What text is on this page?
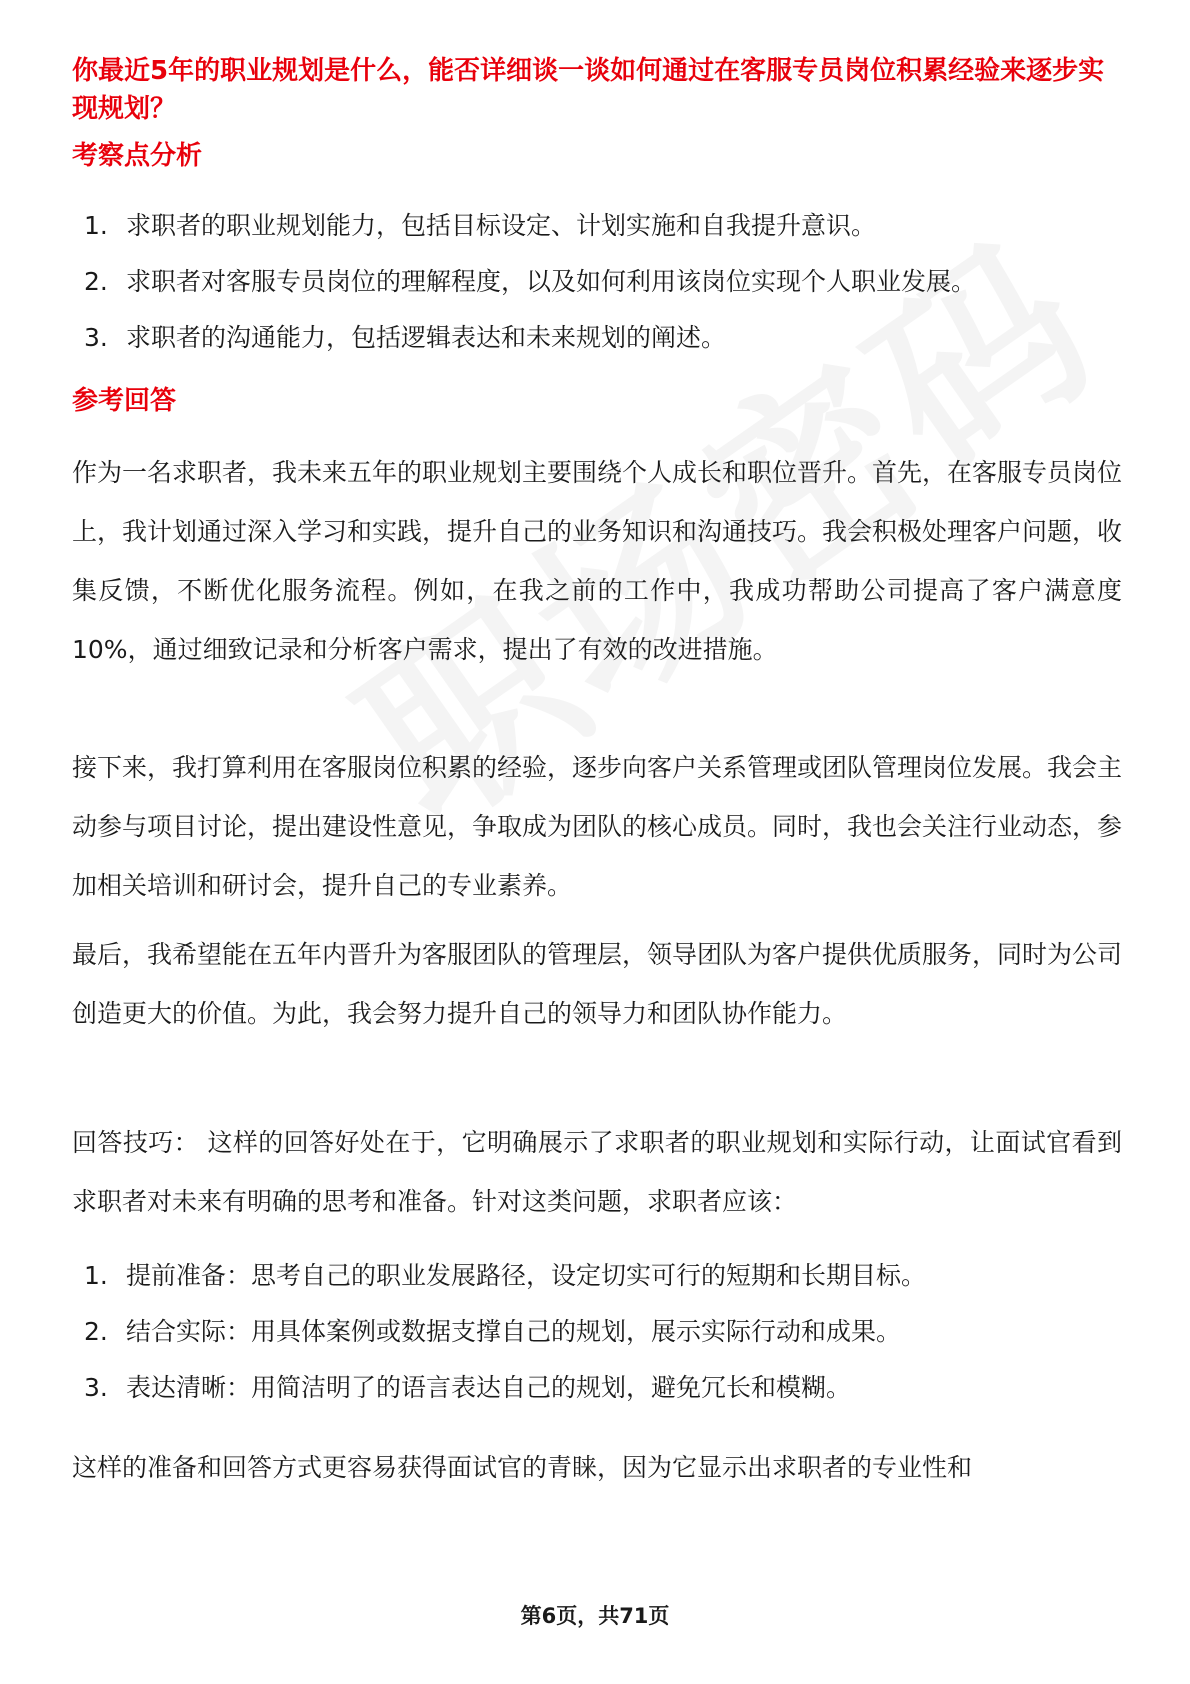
你最近5年的职业规划是什么，能否详细谈一谈如何通过在客服专员岗位积累经验来逐步实现规划？
考察点分析
1. 求职者的职业规划能力，包括目标设定、计划实施和自我提升意识。
2. 求职者对客服专员岗位的理解程度，以及如何利用该岗位实现个人职业发展。
3. 求职者的沟通能力，包括逻辑表达和未来规划的阐述。
参考回答

作为一名求职者，我未来五年的职业规划主要围绕个人成长和职位晋升。首先，在客服专员岗位上，我计划通过深入学习和实践，提升自己的业务知识和沟通技巧。我会积极处理客户问题，收集反馈，不断优化服务流程。例如，在我之前的工作中，我成功帮助公司提高了客户满意度10%，通过细致记录和分析客户需求，提出了有效的改进措施。

接下来，我打算利用在客服岗位积累的经验，逐步向客户关系管理或团队管理岗位发展。我会主动参与项目讨论，提出建设性意见，争取成为团队的核心成员。同时，我也会关注行业动态，参加相关培训和研讨会，提升自己的专业素养。

最后，我希望能在五年内晋升为客服团队的管理层，领导团队为客户提供优质服务，同时为公司创造更大的价值。为此，我会努力提升自己的领导力和团队协作能力。

回答技巧： 这样的回答好处在于，它明确展示了求职者的职业规划和实际行动，让面试官看到求职者对未来有明确的思考和准备。针对这类问题，求职者应该：

1. 提前准备：思考自己的职业发展路径，设定切实可行的短期和长期目标。
2. 结合实际：用具体案例或数据支撑自己的规划，展示实际行动和成果。
3. 表达清晰：用简洁明了的语言表达自己的规划，避免冗长和模糊。

这样的准备和回答方式更容易获得面试官的青睐，因为它显示出求职者的专业性和

第6页，共71页
